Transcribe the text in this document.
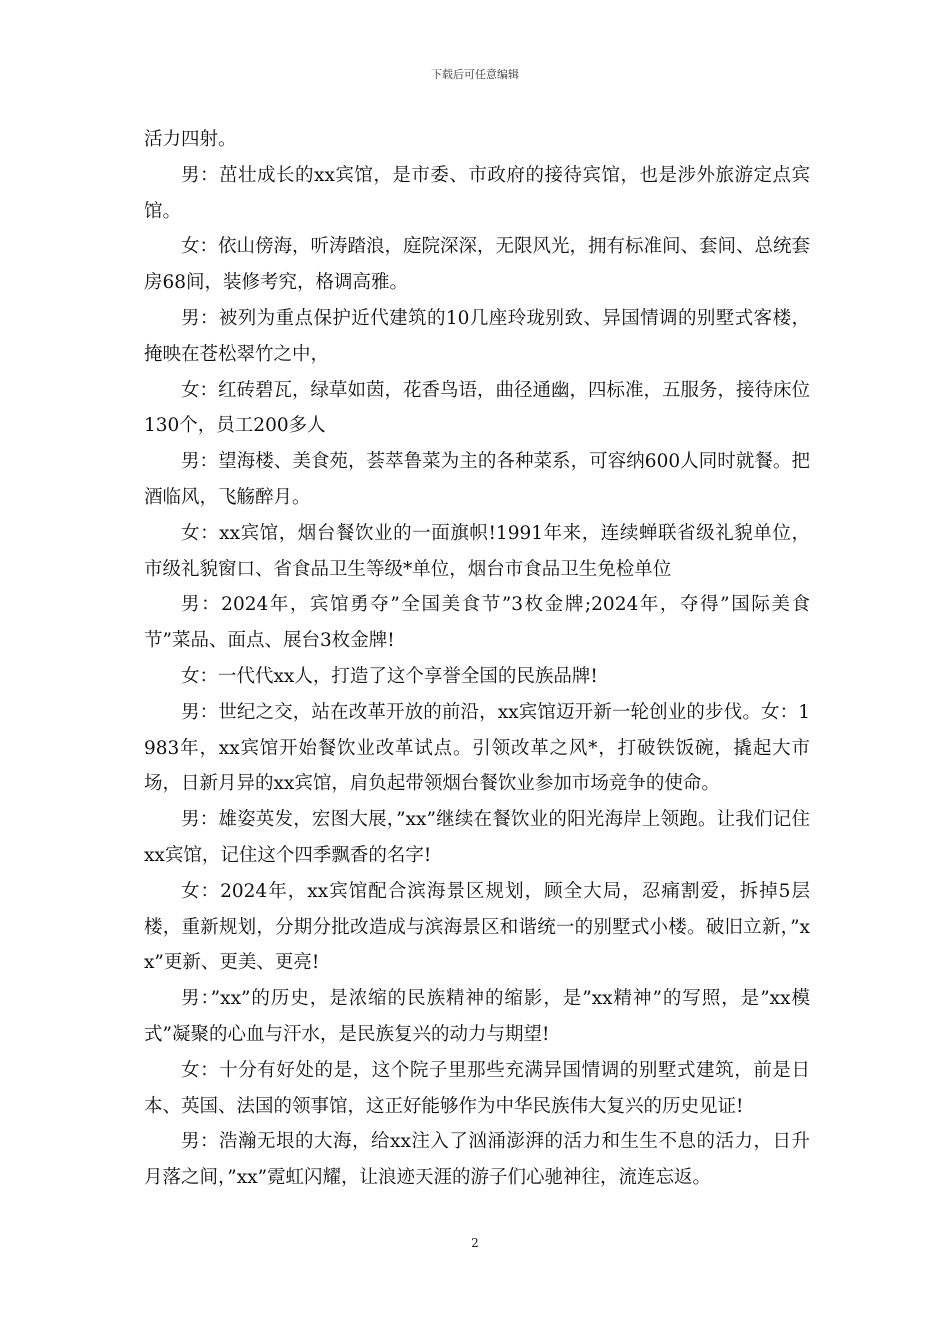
下载后可任意编辑

活力四射。

男：茁壮成长的xx宾馆，是市委、市政府的接待宾馆，也是涉外旅游定点宾馆。

女：依山傍海，听涛踏浪，庭院深深，无限风光，拥有标准间、套间、总统套房68间，装修考究，格调高雅。

男：被列为重点保护近代建筑的10几座玲珑别致、异国情调的别墅式客楼，掩映在苍松翠竹之中，

女：红砖碧瓦，绿草如茵，花香鸟语，曲径通幽，四标准，五服务，接待床位130个，员工200多人

男：望海楼、美食苑，荟萃鲁菜为主的各种菜系，可容纳600人同时就餐。把酒临风，飞觞醉月。

女：xx宾馆，烟台餐饮业的一面旗帜!1991年来，连续蝉联省级礼貌单位，市级礼貌窗口、省食品卫生等级*单位，烟台市食品卫生免检单位

男：2024年，宾馆勇夺”全国美食节”3枚金牌;2024年，夺得”国际美食节”菜品、面点、展台3枚金牌!

女：一代代xx人，打造了这个享誉全国的民族品牌!

男：世纪之交，站在改革开放的前沿，xx宾馆迈开新一轮创业的步伐。女：1983年，xx宾馆开始餐饮业改革试点。引领改革之风*，打破铁饭碗，撬起大市场，日新月异的xx宾馆，肩负起带领烟台餐饮业参加市场竞争的使命。

男：雄姿英发，宏图大展，”xx”继续在餐饮业的阳光海岸上领跑。让我们记住xx宾馆，记住这个四季飘香的名字!

女：2024年，xx宾馆配合滨海景区规划，顾全大局，忍痛割爱，拆掉5层楼，重新规划，分期分批改造成与滨海景区和谐统一的别墅式小楼。破旧立新，”xx”更新、更美、更亮!

男：”xx”的历史，是浓缩的民族精神的缩影，是”xx精神”的写照，是”xx模式”凝聚的心血与汗水，是民族复兴的动力与期望!

女：十分有好处的是，这个院子里那些充满异国情调的别墅式建筑，前是日本、英国、法国的领事馆，这正好能够作为中华民族伟大复兴的历史见证!

男：浩瀚无垠的大海，给xx注入了汹涌澎湃的活力和生生不息的活力，日升月落之间，”xx”霓虹闪耀，让浪迹天涯的游子们心驰神往，流连忘返。

2
